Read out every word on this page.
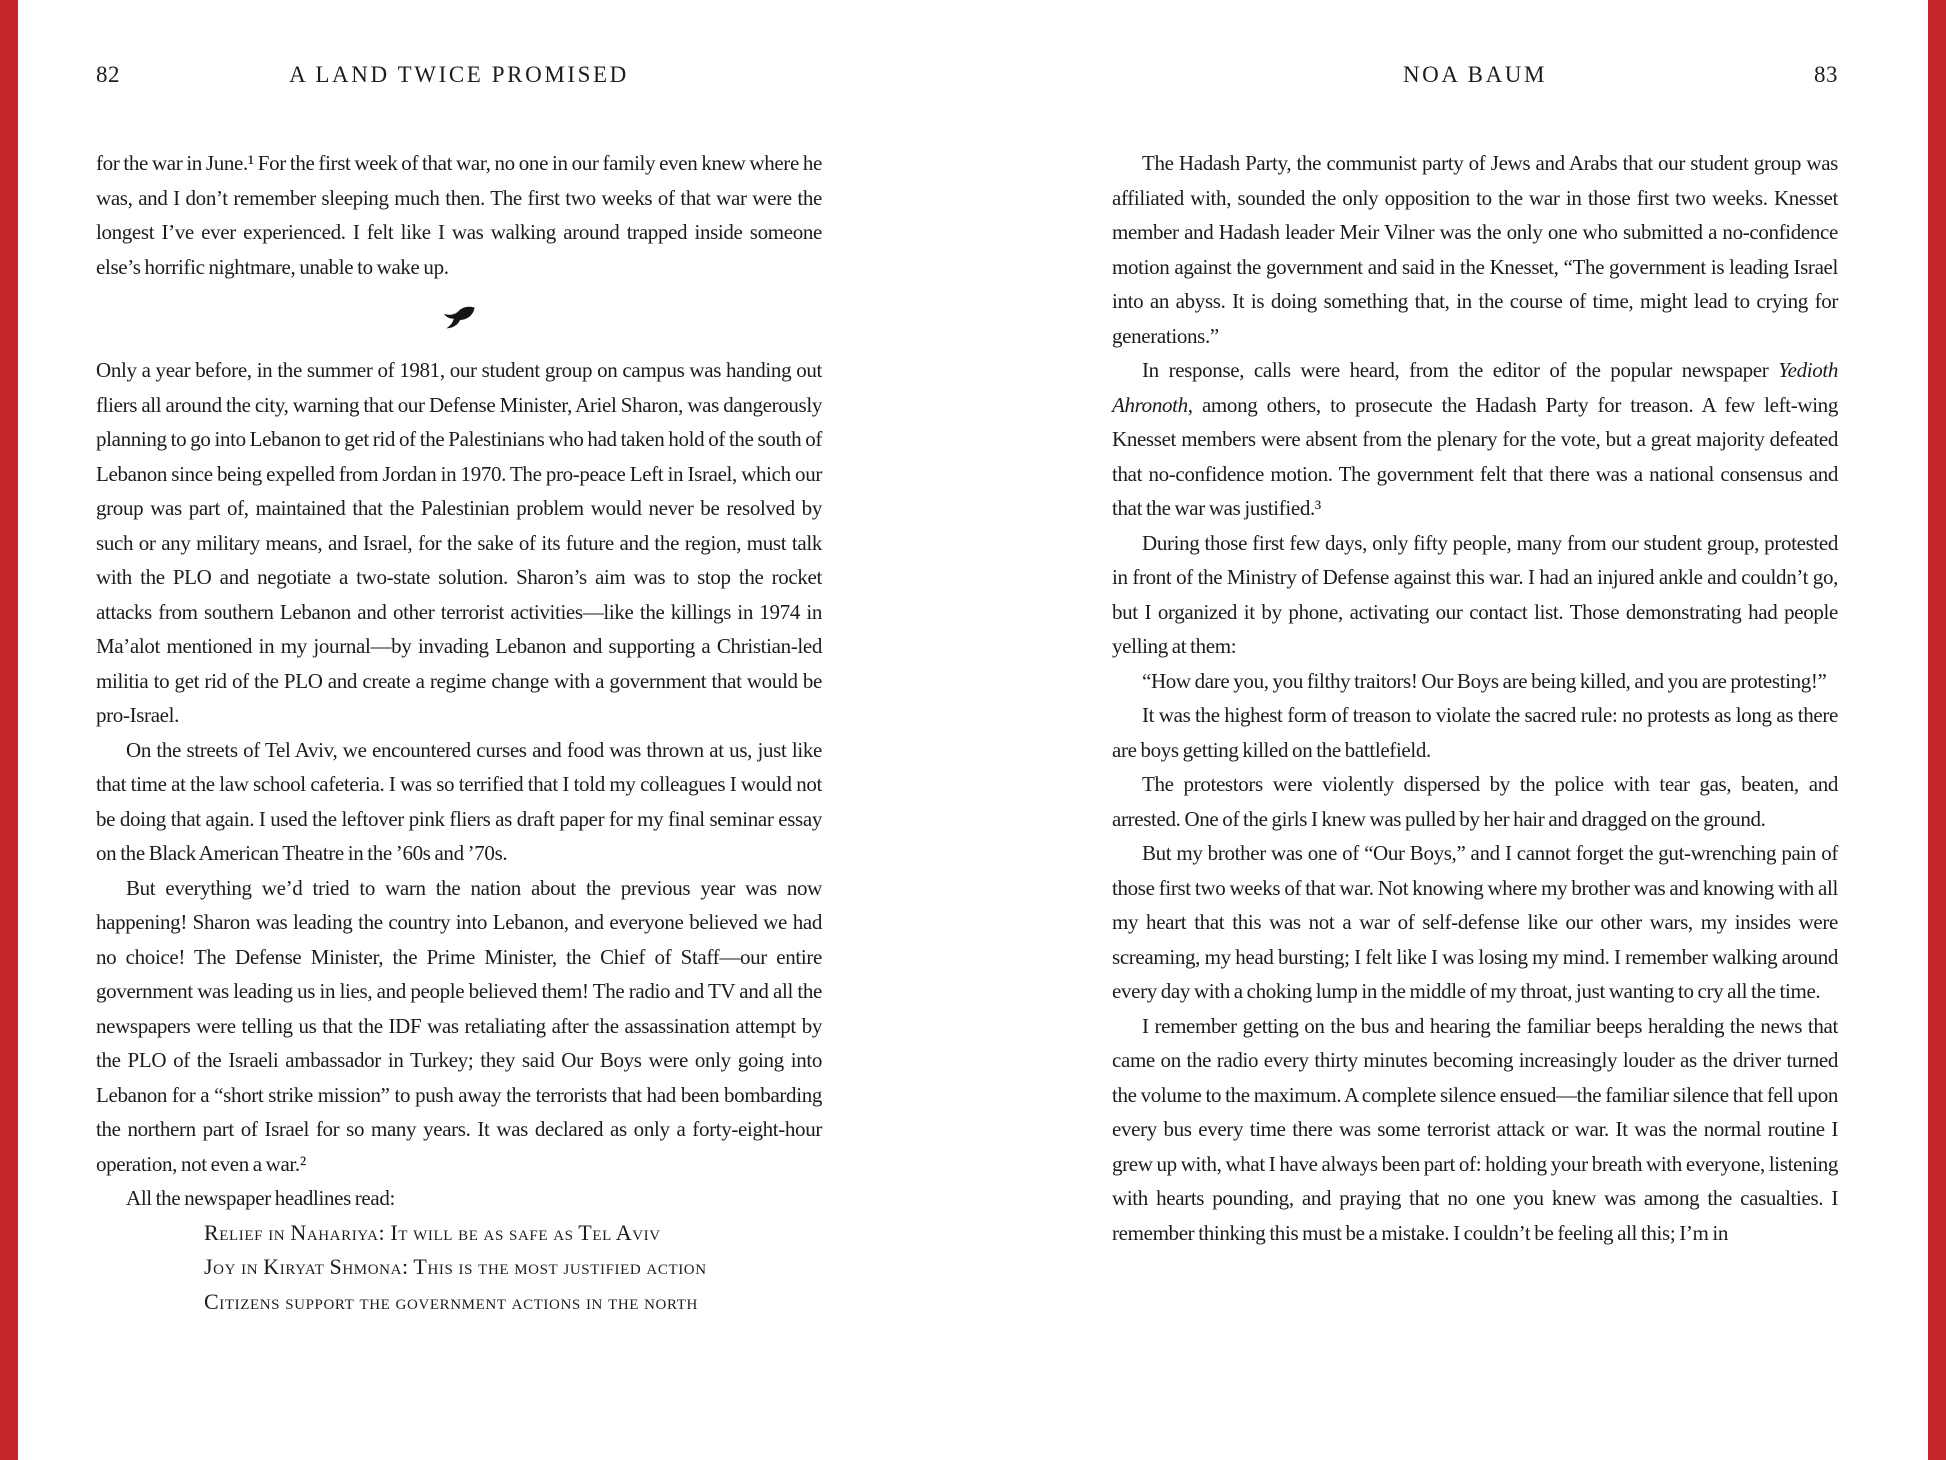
82	A LAND TWICE PROMISED

for the war in June.¹ For the first week of that war, no one in our family even knew where he was, and I don’t remember sleeping much then. The first two weeks of that war were the longest I’ve ever experienced. I felt like I was walking around trapped inside someone else’s horrific nightmare, unable to wake up.

Only a year before, in the summer of 1981, our student group on campus was handing out fliers all around the city, warning that our Defense Minister, Ariel Sharon, was dangerously planning to go into Lebanon to get rid of the Palestinians who had taken hold of the south of Lebanon since being expelled from Jordan in 1970. The pro-peace Left in Israel, which our group was part of, maintained that the Palestinian problem would never be resolved by such or any military means, and Israel, for the sake of its future and the region, must talk with the PLO and negotiate a two-state solution. Sharon’s aim was to stop the rocket attacks from southern Lebanon and other terrorist activities—like the killings in 1974 in Ma’alot mentioned in my journal—by invading Lebanon and supporting a Christian-led militia to get rid of the PLO and create a regime change with a government that would be pro-Israel.

On the streets of Tel Aviv, we encountered curses and food was thrown at us, just like that time at the law school cafeteria. I was so terrified that I told my colleagues I would not be doing that again. I used the leftover pink fliers as draft paper for my final seminar essay on the Black American Theatre in the ’60s and ’70s.

But everything we’d tried to warn the nation about the previous year was now happening! Sharon was leading the country into Lebanon, and everyone believed we had no choice! The Defense Minister, the Prime Minister, the Chief of Staff—our entire government was leading us in lies, and people believed them! The radio and TV and all the newspapers were telling us that the IDF was retaliating after the assassination attempt by the PLO of the Israeli ambassador in Turkey; they said Our Boys were only going into Lebanon for a “short strike mission” to push away the terrorists that had been bombarding the northern part of Israel for so many years. It was declared as only a forty-eight-hour operation, not even a war.²

All the newspaper headlines read:

Relief in Nahariya: It will be as safe as Tel Aviv

Joy in Kiryat Shmona: This is the most justified action

Citizens support the government actions in the north

NOA BAUM	83

The Hadash Party, the communist party of Jews and Arabs that our student group was affiliated with, sounded the only opposition to the war in those first two weeks. Knesset member and Hadash leader Meir Vilner was the only one who submitted a no-confidence motion against the government and said in the Knesset, “The government is leading Israel into an abyss. It is doing something that, in the course of time, might lead to crying for generations.”

In response, calls were heard, from the editor of the popular newspaper Yedioth Ahronoth, among others, to prosecute the Hadash Party for treason. A few left-wing Knesset members were absent from the plenary for the vote, but a great majority defeated that no-confidence motion. The government felt that there was a national consensus and that the war was justified.³

During those first few days, only fifty people, many from our student group, protested in front of the Ministry of Defense against this war. I had an injured ankle and couldn’t go, but I organized it by phone, activating our contact list. Those demonstrating had people yelling at them:

“How dare you, you filthy traitors! Our Boys are being killed, and you are protesting!”

It was the highest form of treason to violate the sacred rule: no protests as long as there are boys getting killed on the battlefield.

The protestors were violently dispersed by the police with tear gas, beaten, and arrested. One of the girls I knew was pulled by her hair and dragged on the ground.

But my brother was one of “Our Boys,” and I cannot forget the gut-wrenching pain of those first two weeks of that war. Not knowing where my brother was and knowing with all my heart that this was not a war of self-defense like our other wars, my insides were screaming, my head bursting; I felt like I was losing my mind. I remember walking around every day with a choking lump in the middle of my throat, just wanting to cry all the time.

I remember getting on the bus and hearing the familiar beeps heralding the news that came on the radio every thirty minutes becoming increasingly louder as the driver turned the volume to the maximum. A complete silence ensued—the familiar silence that fell upon every bus every time there was some terrorist attack or war. It was the normal routine I grew up with, what I have always been part of: holding your breath with everyone, listening with hearts pounding, and praying that no one you knew was among the casualties. I remember thinking this must be a mistake. I couldn’t be feeling all this; I’m in
